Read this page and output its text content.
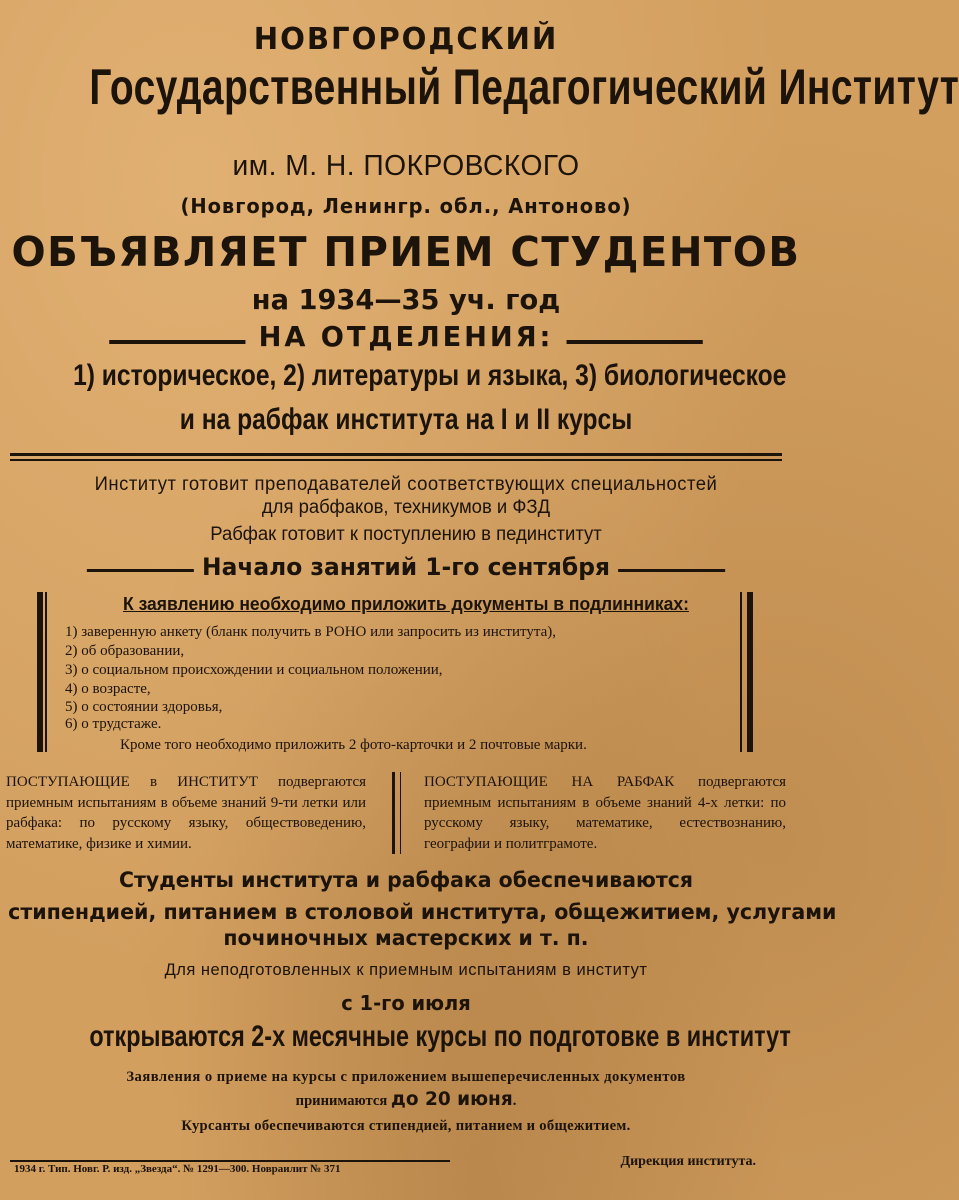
НОВГОРОДСКИЙ
Государственный Педагогический Институт
им. М. Н. ПОКРОВСКОГО
(Новгород, Ленингр. обл., Антоново)
ОБЪЯВЛЯЕТ ПРИЕМ СТУДЕНТОВ
на 1934—35 уч. год
НА ОТДЕЛЕНИЯ:
1) историческое, 2) литературы и языка, 3) биологическое
и на рабфак института на I и II курсы
Институт готовит преподавателей соответствующих специальностей
для рабфаков, техникумов и ФЗД
Рабфак готовит к поступлению в пединститут
Начало занятий 1-го сентября
К заявлению необходимо приложить документы в подлинниках:
1) заверенную анкету (бланк получить в РОНО или запросить из института),
2) об образовании,
3) о социальном происхождении и социальном положении,
4) о возрасте,
5) о состоянии здоровья,
6) о трудстаже.
Кроме того необходимо приложить 2 фото-карточки и 2 почтовые марки.
ПОСТУПАЮЩИЕ в ИНСТИТУТ подвергаются приемным испытаниям в объеме знаний 9-ти летки или рабфака: по русскому языку, обществоведению, математике, физике и химии.
ПОСТУПАЮЩИЕ НА РАБФАК подвергаются приемным испытаниям в объеме знаний 4-х летки: по русскому языку, математике, естествознанию, географии и политграмоте.
Студенты института и рабфака обеспечиваются
стипендией, питанием в столовой института, общежитием, услугами
починочных мастерских и т. п.
Для неподготовленных к приемным испытаниям в институт
с 1-го июля
открываются 2-х месячные курсы по подготовке в институт
Заявления о приеме на курсы с приложением вышеперечисленных документов
принимаются до 20 июня.
Курсанты обеспечиваются стипендией, питанием и общежитием.
1934 г. Тип. Новг. Р. изд. „Звезда“. № 1291—300. Новраилит № 371	Дирекция института.
